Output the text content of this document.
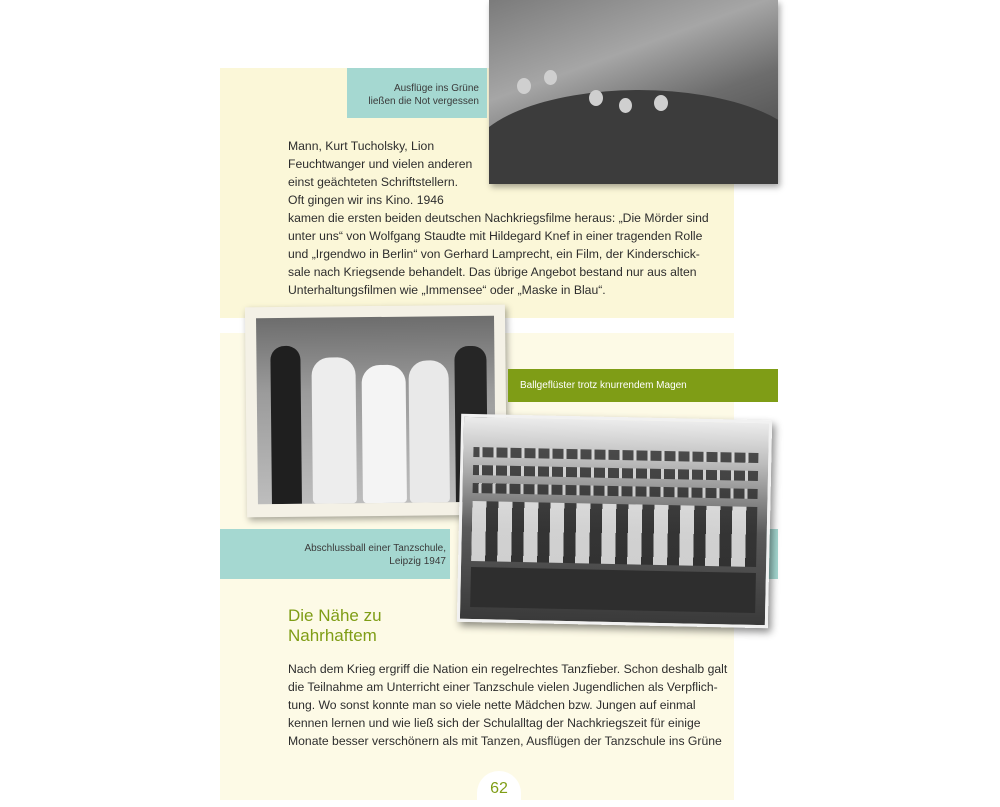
Ausflüge ins Grüne
ließen die Not vergessen
Mann, Kurt Tucholsky, Lion
Feuchtwanger und vielen anderen
einst geächteten Schriftstellern.
Oft gingen wir ins Kino. 1946
kamen die ersten beiden deutschen Nachkriegsfilme heraus: „Die Mörder sind
unter uns“ von Wolfgang Staudte mit Hildegard Knef in einer tragenden Rolle
und „Irgendwo in Berlin“ von Gerhard Lamprecht, ein Film, der Kinderschick-
sale nach Kriegsende behandelt. Das übrige Angebot bestand nur aus alten
Unterhaltungsfilmen wie „Immensee“ oder „Maske in Blau“.
Ballgeflüster trotz knurrendem Magen
Abschlussball einer Tanzschule,
Leipzig 1947
Die Nähe zu
Nahrhaftem
Nach dem Krieg ergriff die Nation ein regelrechtes Tanzfieber. Schon deshalb galt
die Teilnahme am Unterricht einer Tanzschule vielen Jugendlichen als Verpflich-
tung. Wo sonst konnte man so viele nette Mädchen bzw. Jungen auf einmal
kennen lernen und wie ließ sich der Schulalltag der Nachkriegszeit für einige
Monate besser verschönern als mit Tanzen, Ausflügen der Tanzschule ins Grüne
62
